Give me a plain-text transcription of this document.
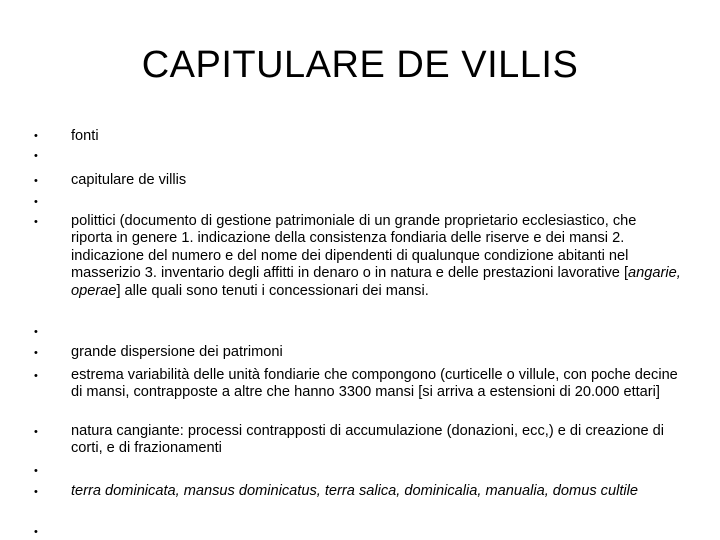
CAPITULARE DE VILLIS
•
•
•
•
•
•
•
•
•
•
•
•
fonti
capitulare de villis
polittici (documento di gestione patrimoniale di un grande proprietario ecclesiastico, che riporta in genere 1. indicazione della consistenza fondiaria delle riserve e dei mansi 2. indicazione del numero e del nome dei dipendenti di qualunque condizione abitanti nel masserizio 3. inventario degli affitti in denaro o in natura e delle prestazioni lavorative [angarie, operae] alle quali sono tenuti i concessionari dei mansi.
grande dispersione dei patrimoni
estrema variabilità delle unità fondiarie che compongono (curticelle o villule, con poche decine di mansi, contrapposte a altre che hanno 3300 mansi [si arriva a estensioni di 20.000 ettari]
natura cangiante: processi contrapposti di accumulazione (donazioni, ecc,) e di creazione di corti, e di frazionamenti
terra dominicata, mansus dominicatus, terra salica, dominicalia, manualia, domus cultile
